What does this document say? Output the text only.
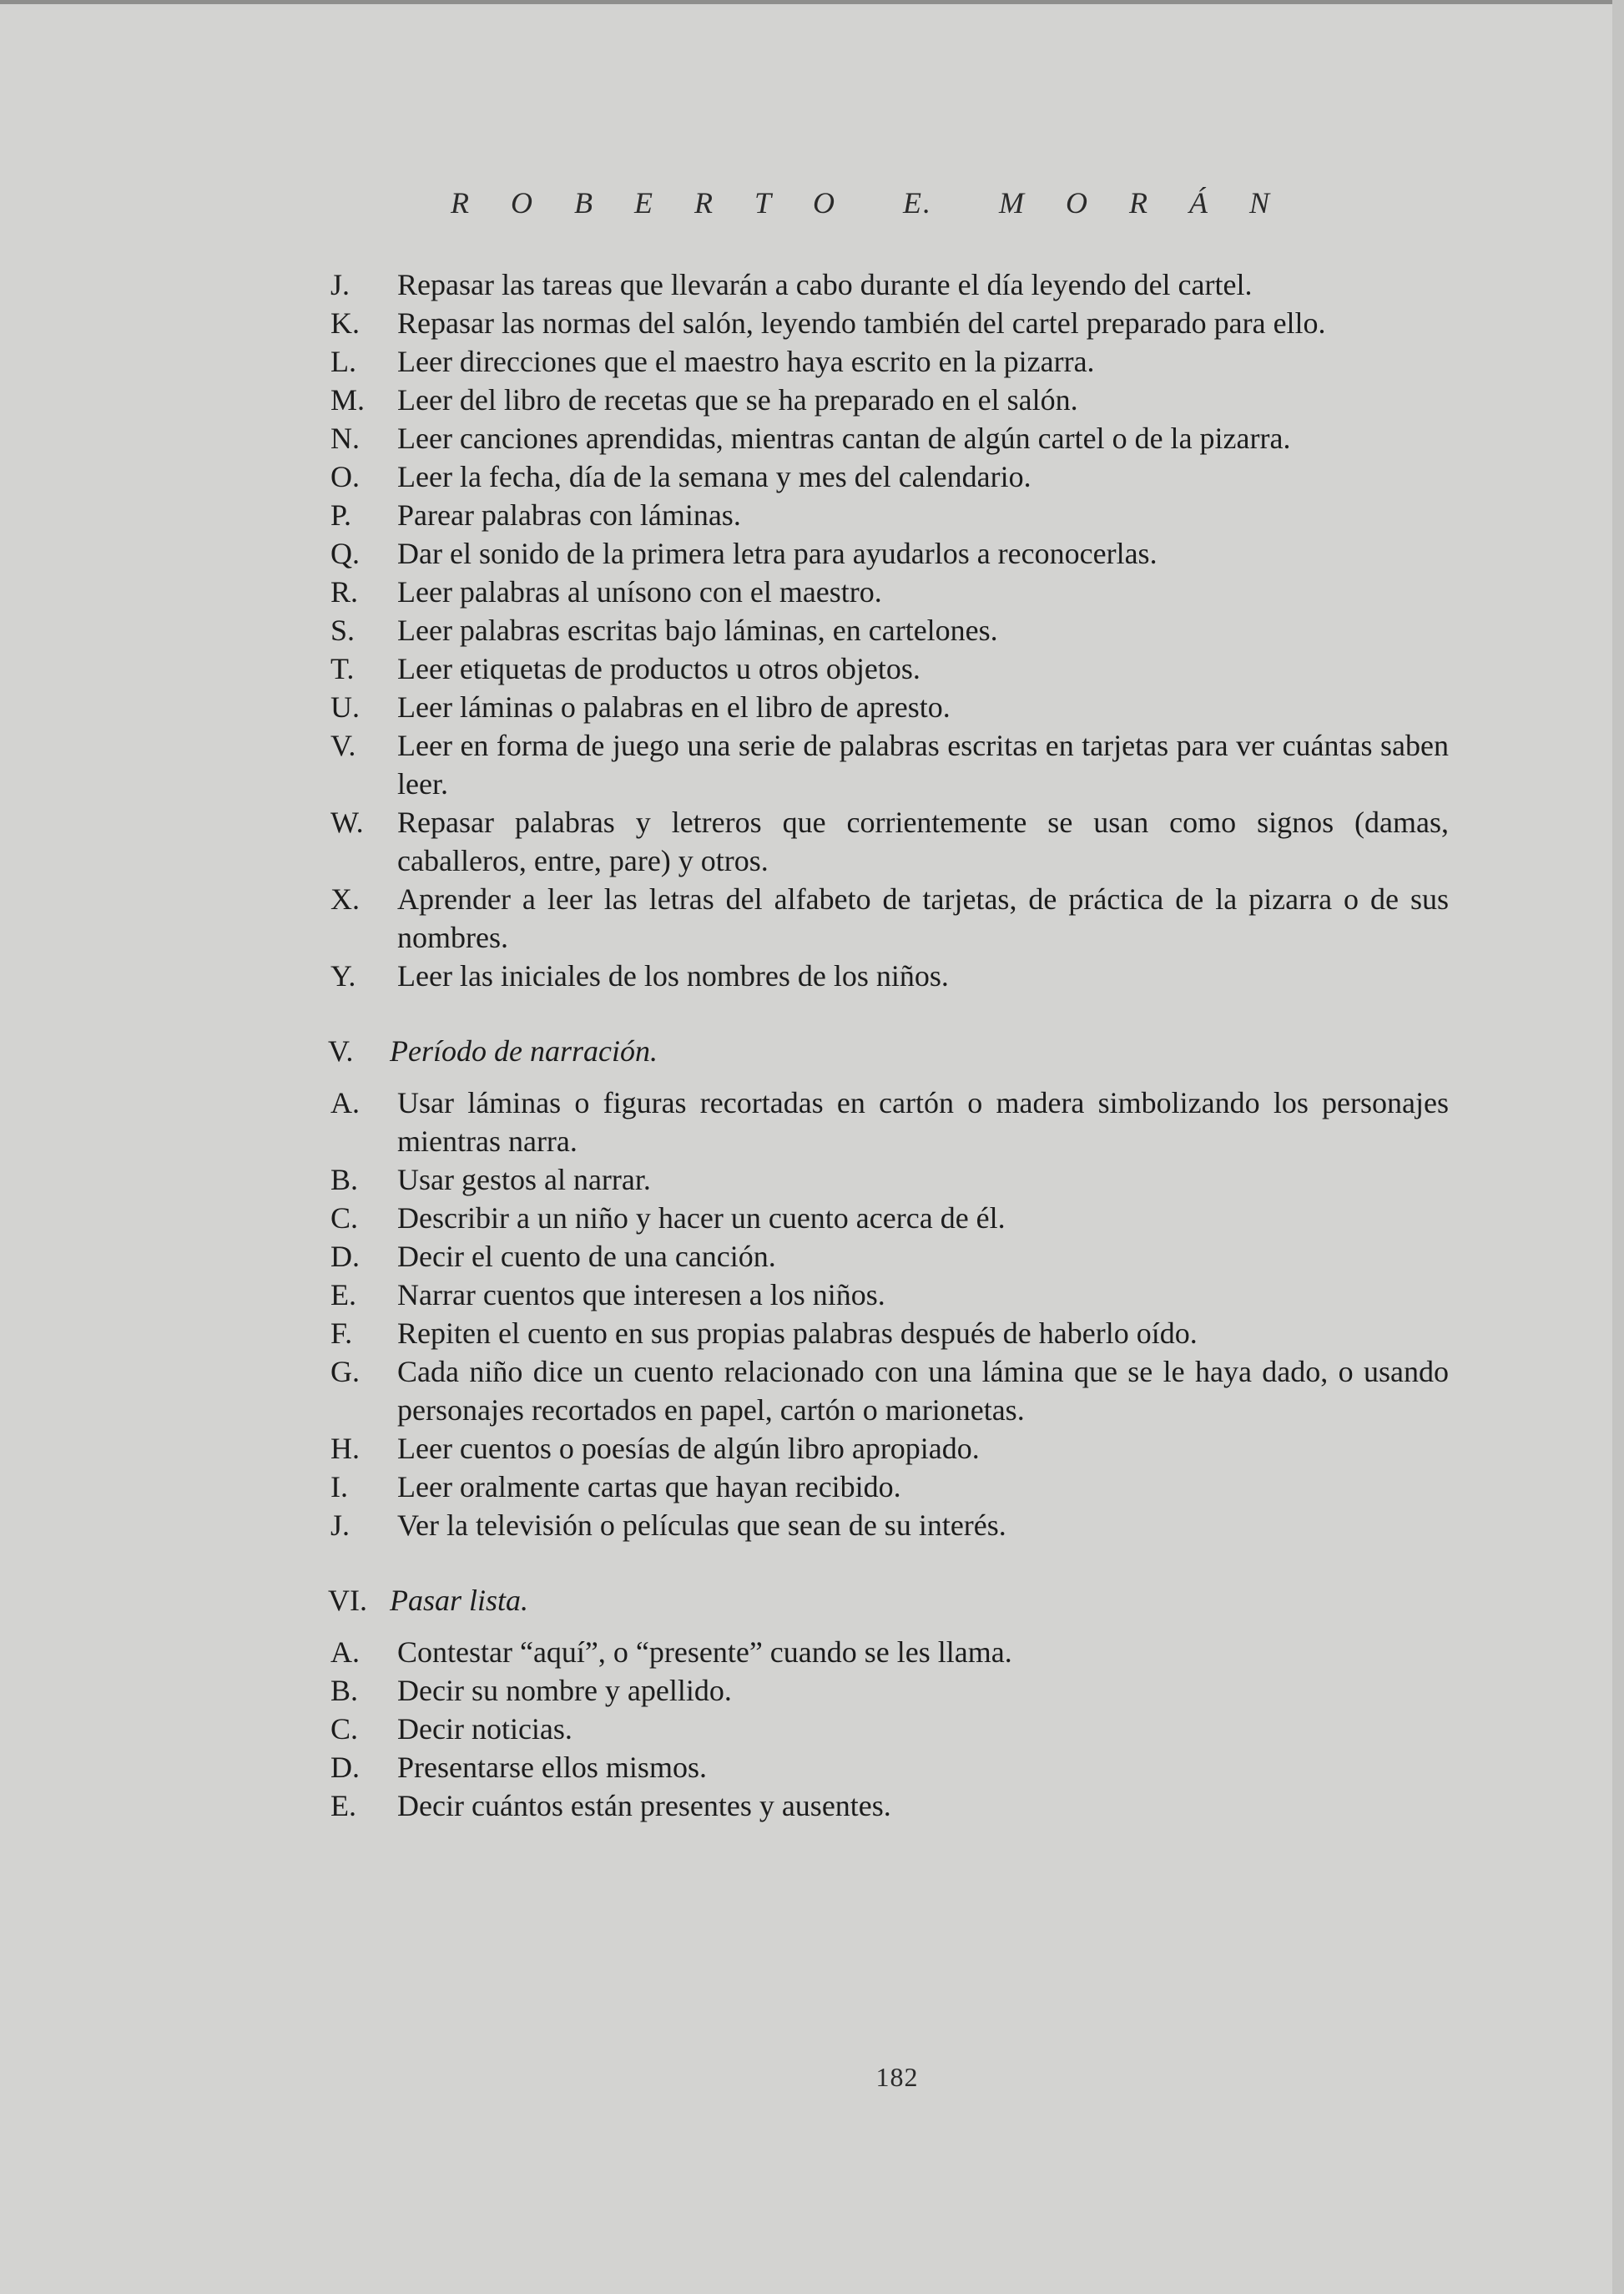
R O B E R T O E. M O R Á N
J.	Repasar las tareas que llevarán a cabo durante el día leyendo del cartel.
K.	Repasar las normas del salón, leyendo también del cartel preparado para ello.
L.	Leer direcciones que el maestro haya escrito en la pizarra.
M.	Leer del libro de recetas que se ha preparado en el salón.
N.	Leer canciones aprendidas, mientras cantan de algún cartel o de la pizarra.
O.	Leer la fecha, día de la semana y mes del calendario.
P.	Parear palabras con láminas.
Q.	Dar el sonido de la primera letra para ayudarlos a reconocerlas.
R.	Leer palabras al unísono con el maestro.
S.	Leer palabras escritas bajo láminas, en cartelones.
T.	Leer etiquetas de productos u otros objetos.
U.	Leer láminas o palabras en el libro de apresto.
V.	Leer en forma de juego una serie de palabras escritas en tarjetas para ver cuántas saben leer.
W.	Repasar palabras y letreros que corrientemente se usan como signos (damas, caballeros, entre, pare) y otros.
X.	Aprender a leer las letras del alfabeto de tarjetas, de práctica de la pizarra o de sus nombres.
Y.	Leer las iniciales de los nombres de los niños.
V.	Período de narración.
A.	Usar láminas o figuras recortadas en cartón o madera simbolizando los personajes mientras narra.
B.	Usar gestos al narrar.
C.	Describir a un niño y hacer un cuento acerca de él.
D.	Decir el cuento de una canción.
E.	Narrar cuentos que interesen a los niños.
F.	Repiten el cuento en sus propias palabras después de haberlo oído.
G.	Cada niño dice un cuento relacionado con una lámina que se le haya dado, o usando personajes recortados en papel, cartón o marionetas.
H.	Leer cuentos o poesías de algún libro apropiado.
I.	Leer oralmente cartas que hayan recibido.
J.	Ver la televisión o películas que sean de su interés.
VI. Pasar lista.
A.	Contestar “aquí”, o “presente” cuando se les llama.
B.	Decir su nombre y apellido.
C.	Decir noticias.
D.	Presentarse ellos mismos.
E.	Decir cuántos están presentes y ausentes.
182
